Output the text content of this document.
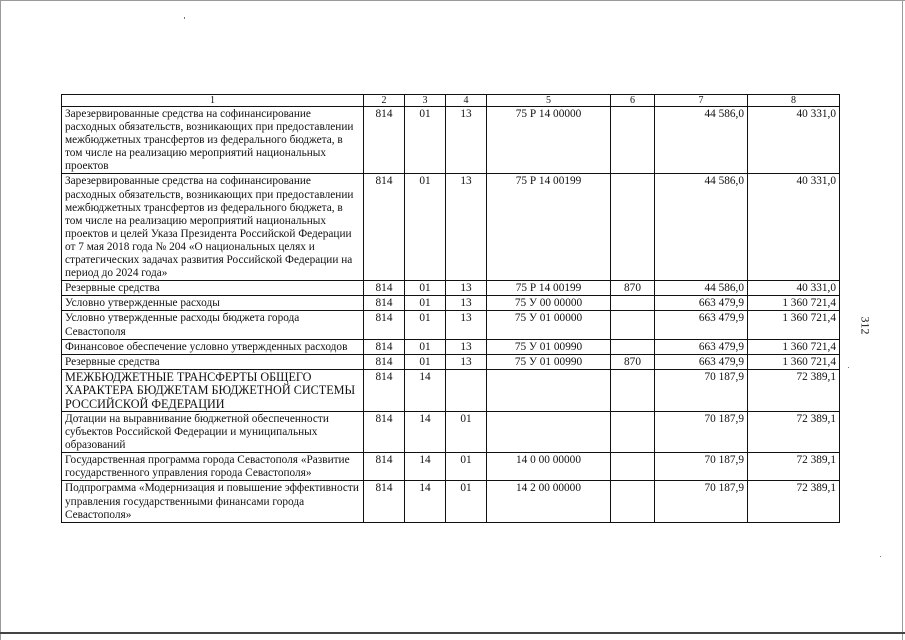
312
1	2	3	4	5	6	7	8
Зарезервированные средства на софинансирование расходных обязательств, возникающих при предоставлении межбюджетных трансфертов из федерального бюджета, в том числе на реализацию мероприятий национальных проектов	814	01	13	75 Р 14 00000		44 586,0	40 331,0
Зарезервированные средства на софинансирование расходных обязательств, возникающих при предоставлении межбюджетных трансфертов из федерального бюджета, в том числе на реализацию мероприятий национальных проектов и целей Указа Президента Российской Федерации от 7 мая 2018 года № 204 «О национальных целях и стратегических задачах развития Российской Федерации на период до 2024 года»	814	01	13	75 Р 14 00199		44 586,0	40 331,0
Резервные средства	814	01	13	75 Р 14 00199	870	44 586,0	40 331,0
Условно утвержденные расходы	814	01	13	75 У 00 00000		663 479,9	1 360 721,4
Условно утвержденные расходы бюджета города Севастополя	814	01	13	75 У 01 00000		663 479,9	1 360 721,4
Финансовое обеспечение условно утвержденных расходов	814	01	13	75 У 01 00990		663 479,9	1 360 721,4
Резервные средства	814	01	13	75 У 01 00990	870	663 479,9	1 360 721,4
МЕЖБЮДЖЕТНЫЕ ТРАНСФЕРТЫ ОБЩЕГО ХАРАКТЕРА БЮДЖЕТАМ БЮДЖЕТНОЙ СИСТЕМЫ РОССИЙСКОЙ ФЕДЕРАЦИИ	814	14				70 187,9	72 389,1
Дотации на выравнивание бюджетной обеспеченности субъектов Российской Федерации и муниципальных образований	814	14	01			70 187,9	72 389,1
Государственная программа города Севастополя «Развитие государственного управления города Севастополя»	814	14	01	14 0 00 00000		70 187,9	72 389,1
Подпрограмма «Модернизация и повышение эффективности управления государственными финансами города Севастополя»	814	14	01	14 2 00 00000		70 187,9	72 389,1
